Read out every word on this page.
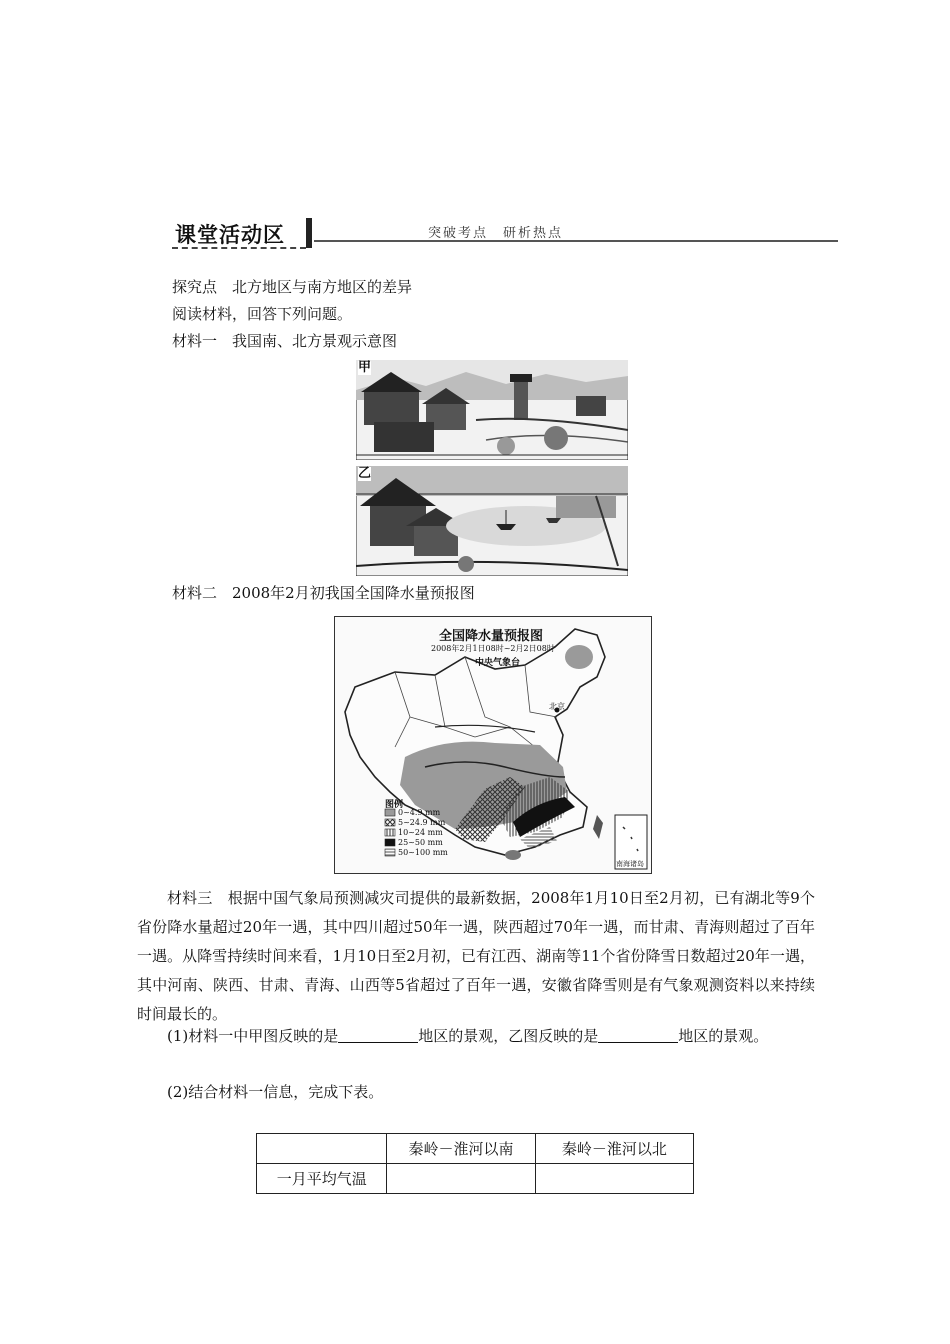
课堂活动区	突破考点　研析热点
探究点　北方地区与南方地区的差异
阅读材料，回答下列问题。
材料一　我国南、北方景观示意图
甲
乙
材料二　2008年2月初我国全国降水量预报图
全国降水量预报图
2008年2月1日08时~2月2日08时
中央气象台
北京
图例
0~4.9 mm
5~24.9 mm
10~24 mm
25~50 mm
50~100 mm
南海诸岛

材料三　根据中国气象局预测减灾司提供的最新数据，2008年1月10日至2月初，已有湖北等9个省份降水量超过20年一遇，其中四川超过50年一遇，陕西超过70年一遇，而甘肃、青海则超过了百年一遇。从降雪持续时间来看，1月10日至2月初，已有江西、湖南等11个省份降雪日数超过20年一遇，其中河南、陕西、甘肃、青海、山西等5省超过了百年一遇，安徽省降雪则是有气象观测资料以来持续时间最长的。

(1)材料一中甲图反映的是	地区的景观，乙图反映的是	地区的景观。

(2)结合材料一信息，完成下表。
	秦岭－淮河以南	秦岭－淮河以北
一月平均气温		
